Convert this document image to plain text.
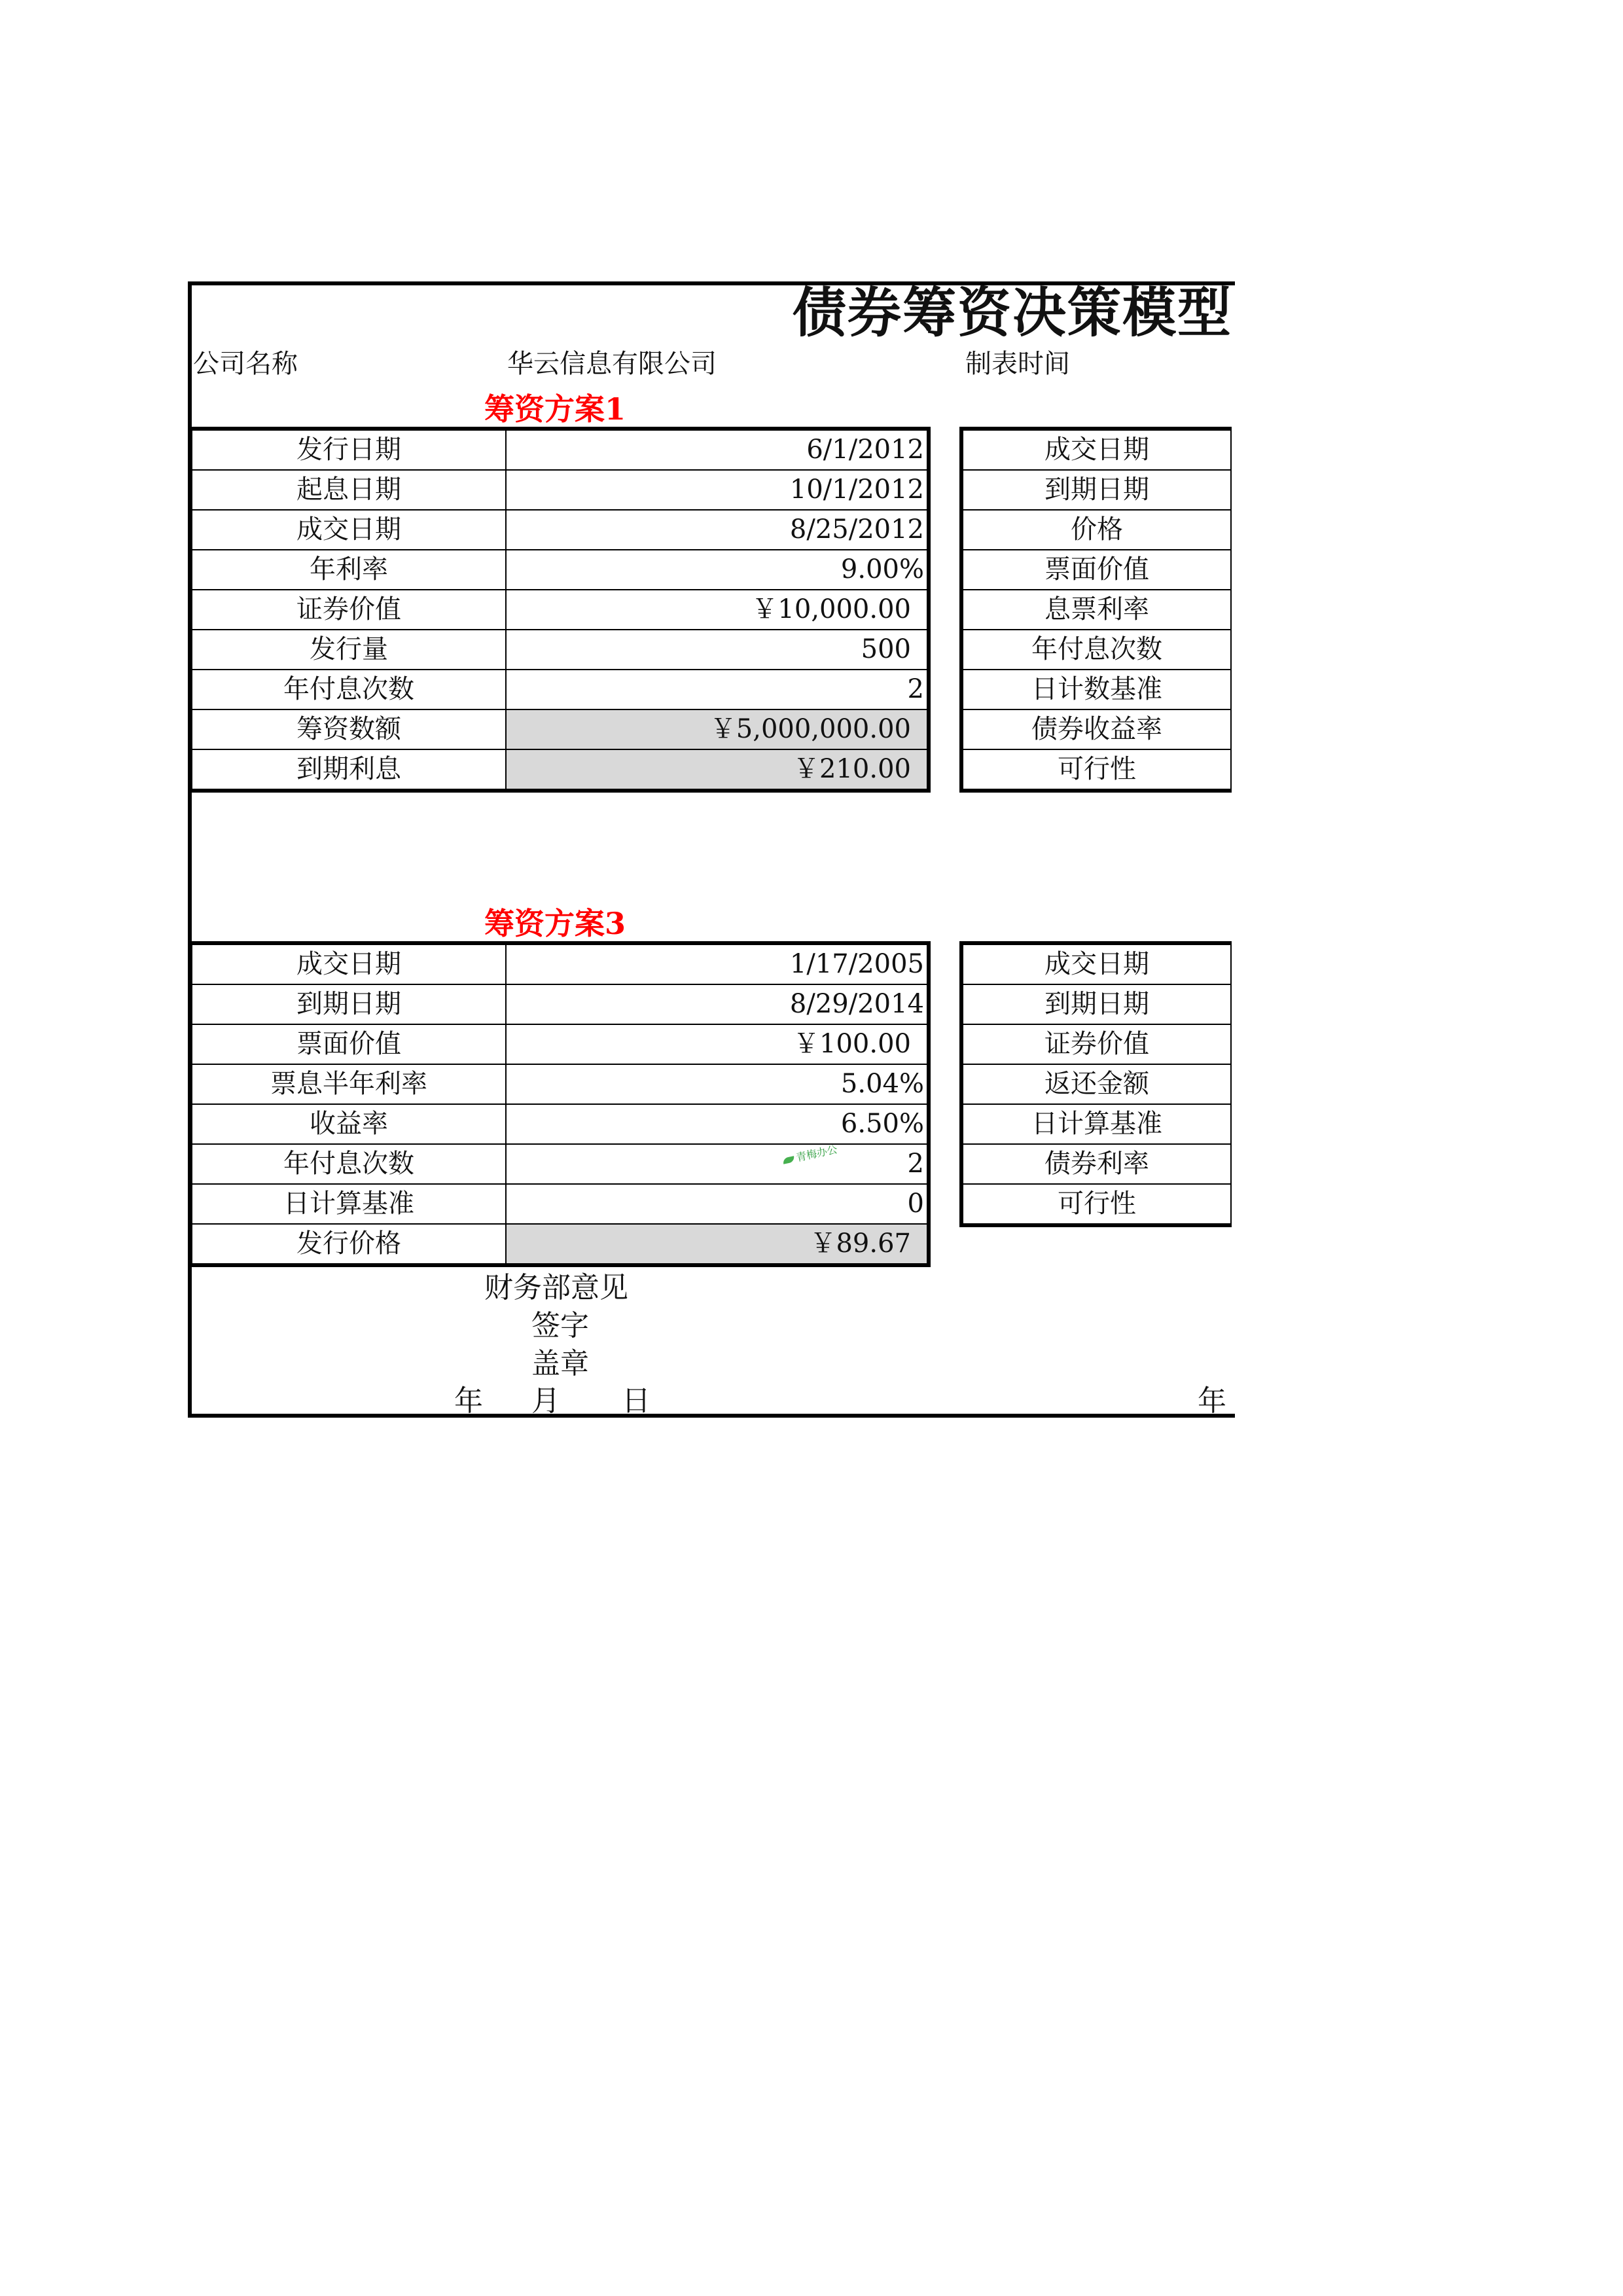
债券筹资决策模型
公司名称	华云信息有限公司	制表时间
筹资方案1
发行日期	6/1/2012
起息日期	10/1/2012
成交日期	8/25/2012
年利率	9.00%
证券价值	￥10,000.00
发行量	500
年付息次数	2
筹资数额	￥5,000,000.00
到期利息	￥210.00
成交日期
到期日期
价格
票面价值
息票利率
年付息次数
日计数基准
债券收益率
可行性
筹资方案3
成交日期	1/17/2005
到期日期	8/29/2014
票面价值	￥100.00
票息半年利率	5.04%
收益率	6.50%
年付息次数	2
日计算基准	0
发行价格	￥89.67
成交日期
到期日期
证券价值
返还金额
日计算基准
债券利率
可行性
青梅办公
财务部意见
签字
盖章
年 月 日	年
